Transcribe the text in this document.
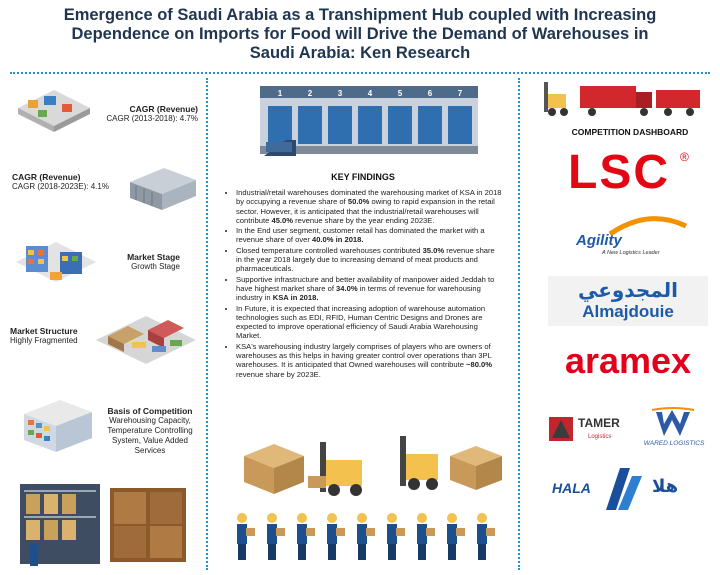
Emergence of Saudi Arabia as a Transhipment Hub coupled with Increasing
Dependence on Imports for Food will Drive the Demand of Warehouses in
Saudi Arabia: Ken Research
CAGR (Revenue)
CAGR (2013-2018): 4.7%
CAGR (Revenue)
CAGR (2018-2023E): 4.1%
Market Stage
Growth Stage
Market Structure
Highly Fragmented
Basis of Competition
Warehousing Capacity,
Temperature Controlling
System, Value Added
Services
1	2	3	4	5	6	7
KEY FINDINGS
• Industrial/retail warehouses dominated the warehousing market of KSA in 2018 by occupying a revenue share of 50.0% owing to rapid expansion in the retail sector. However, it is anticipated that the industrial/retail warehouses will contribute 45.0% revenue share by the year ending 2023E.
• In the End user segment, customer retail has dominated the market with a revenue share of over 40.0% in 2018.
• Closed temperature controlled warehouses contributed 35.0% revenue share in the year 2018 largely due to increasing demand of meat products and pharmaceuticals.
• Supportive infrastructure and better availability of manpower aided Jeddah to have highest market share of 34.0% in terms of revenue for warehousing industry in KSA in 2018.
• In Future, it is expected that increasing adoption of warehouse automation technologies such as EDI, RFID, Human Centric Designs and Drones are expected to improve operational efficiency of Saudi Arabia Warehousing Market.
• KSA's warehousing industry largely comprises of players who are owners of warehouses as this helps in having greater control over operations than 3PL warehouses. It is anticipated that Owned warehouses will contribute ~80.0% revenue share by 2023E.
COMPETITION DASHBOARD
LSC ®
Agility
A New Logistics Leader
المجدوعي
Almajdouie
aramex
TAMER
Logistics
WARED LOGISTICS
HALA	هلا
